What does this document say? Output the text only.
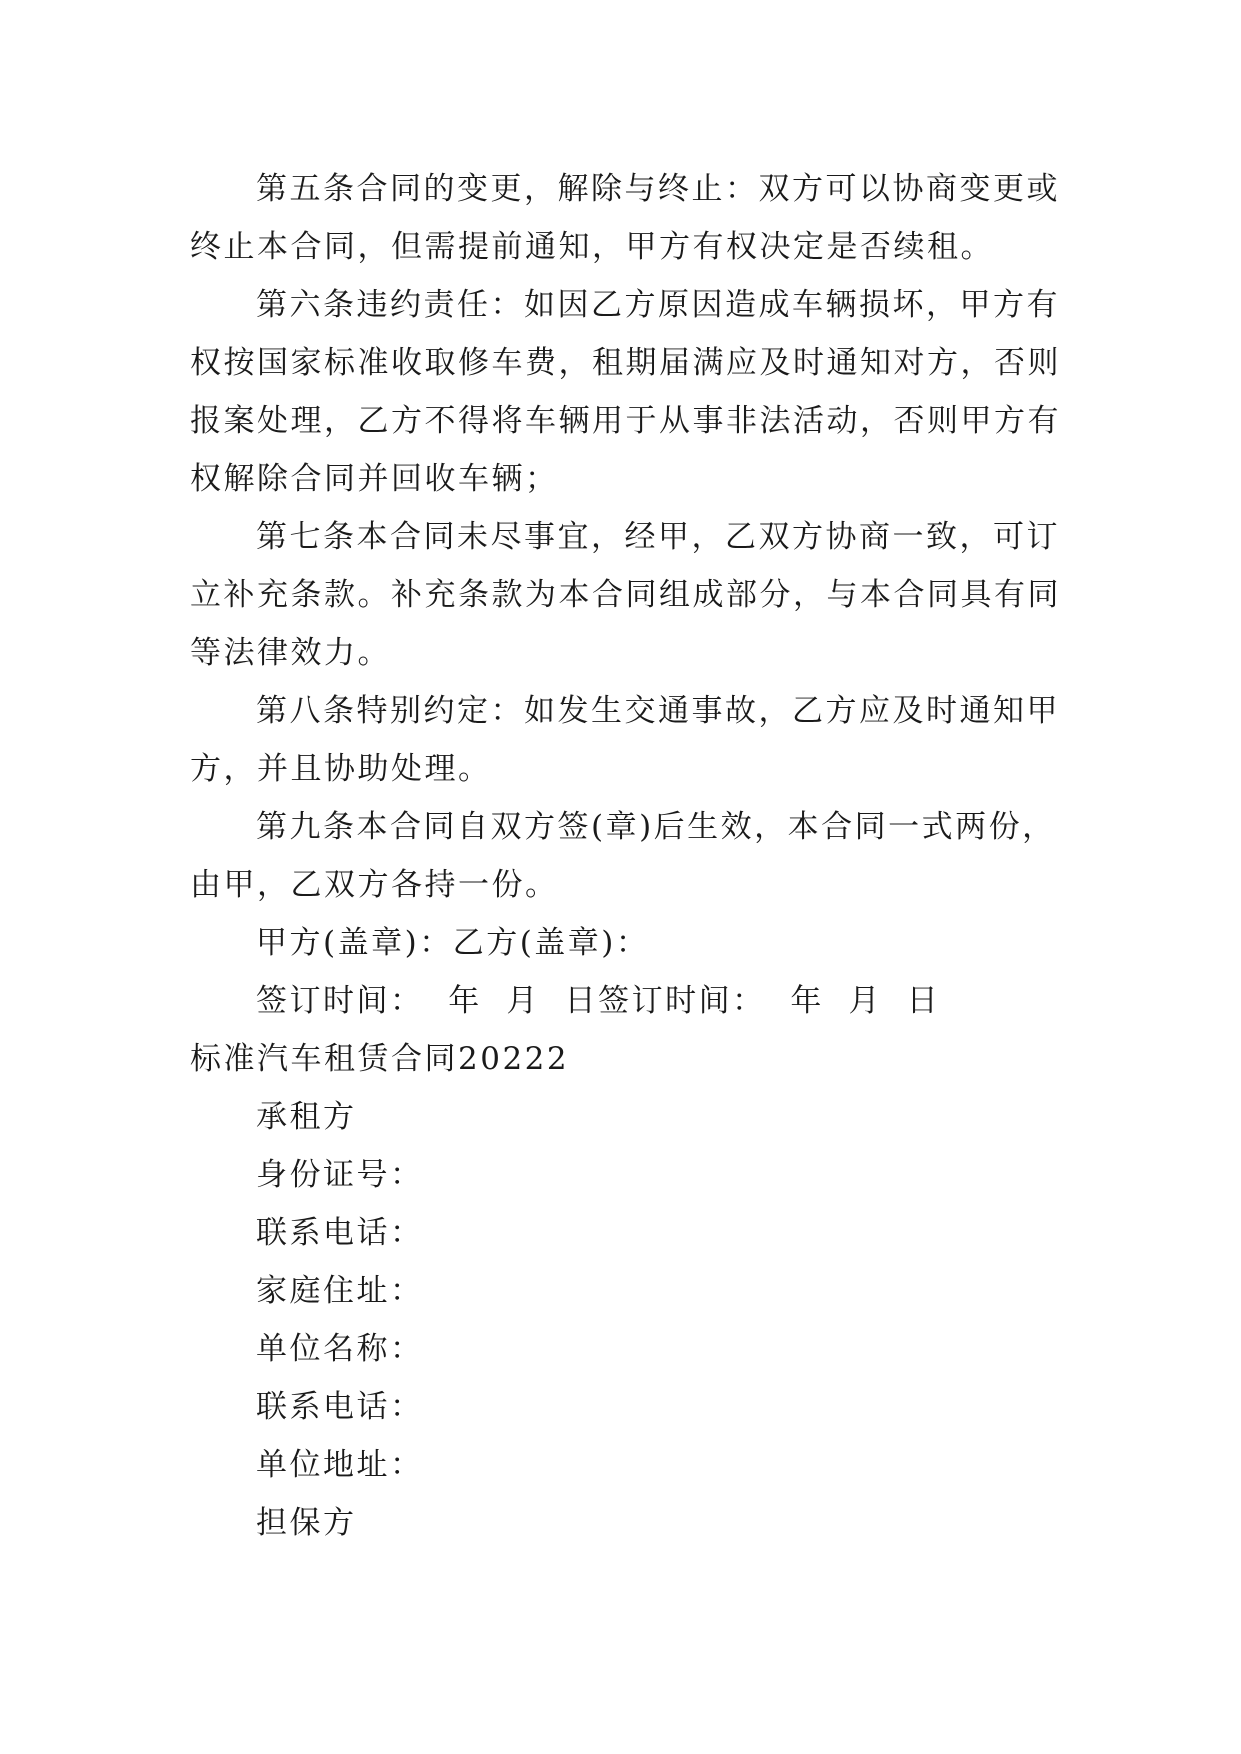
第五条合同的变更，解除与终止：双方可以协商变更或

终止本合同，但需提前通知，甲方有权决定是否续租。

第六条违约责任：如因乙方原因造成车辆损坏，甲方有

权按国家标准收取修车费，租期届满应及时通知对方，否则

报案处理，乙方不得将车辆用于从事非法活动，否则甲方有

权解除合同并回收车辆；

第七条本合同未尽事宜，经甲，乙双方协商一致，可订

立补充条款。补充条款为本合同组成部分，与本合同具有同

等法律效力。

第八条特别约定：如发生交通事故，乙方应及时通知甲

方，并且协助处理。

第九条本合同自双方签(章)后生效，本合同一式两份，

由甲，乙双方各持一份。

甲方(盖章)：乙方(盖章)：

签订时间：  年  月  日签订时间：  年  月  日

标准汽车租赁合同20222

承租方

身份证号：

联系电话：

家庭住址：

单位名称：

联系电话：

单位地址：

担保方
